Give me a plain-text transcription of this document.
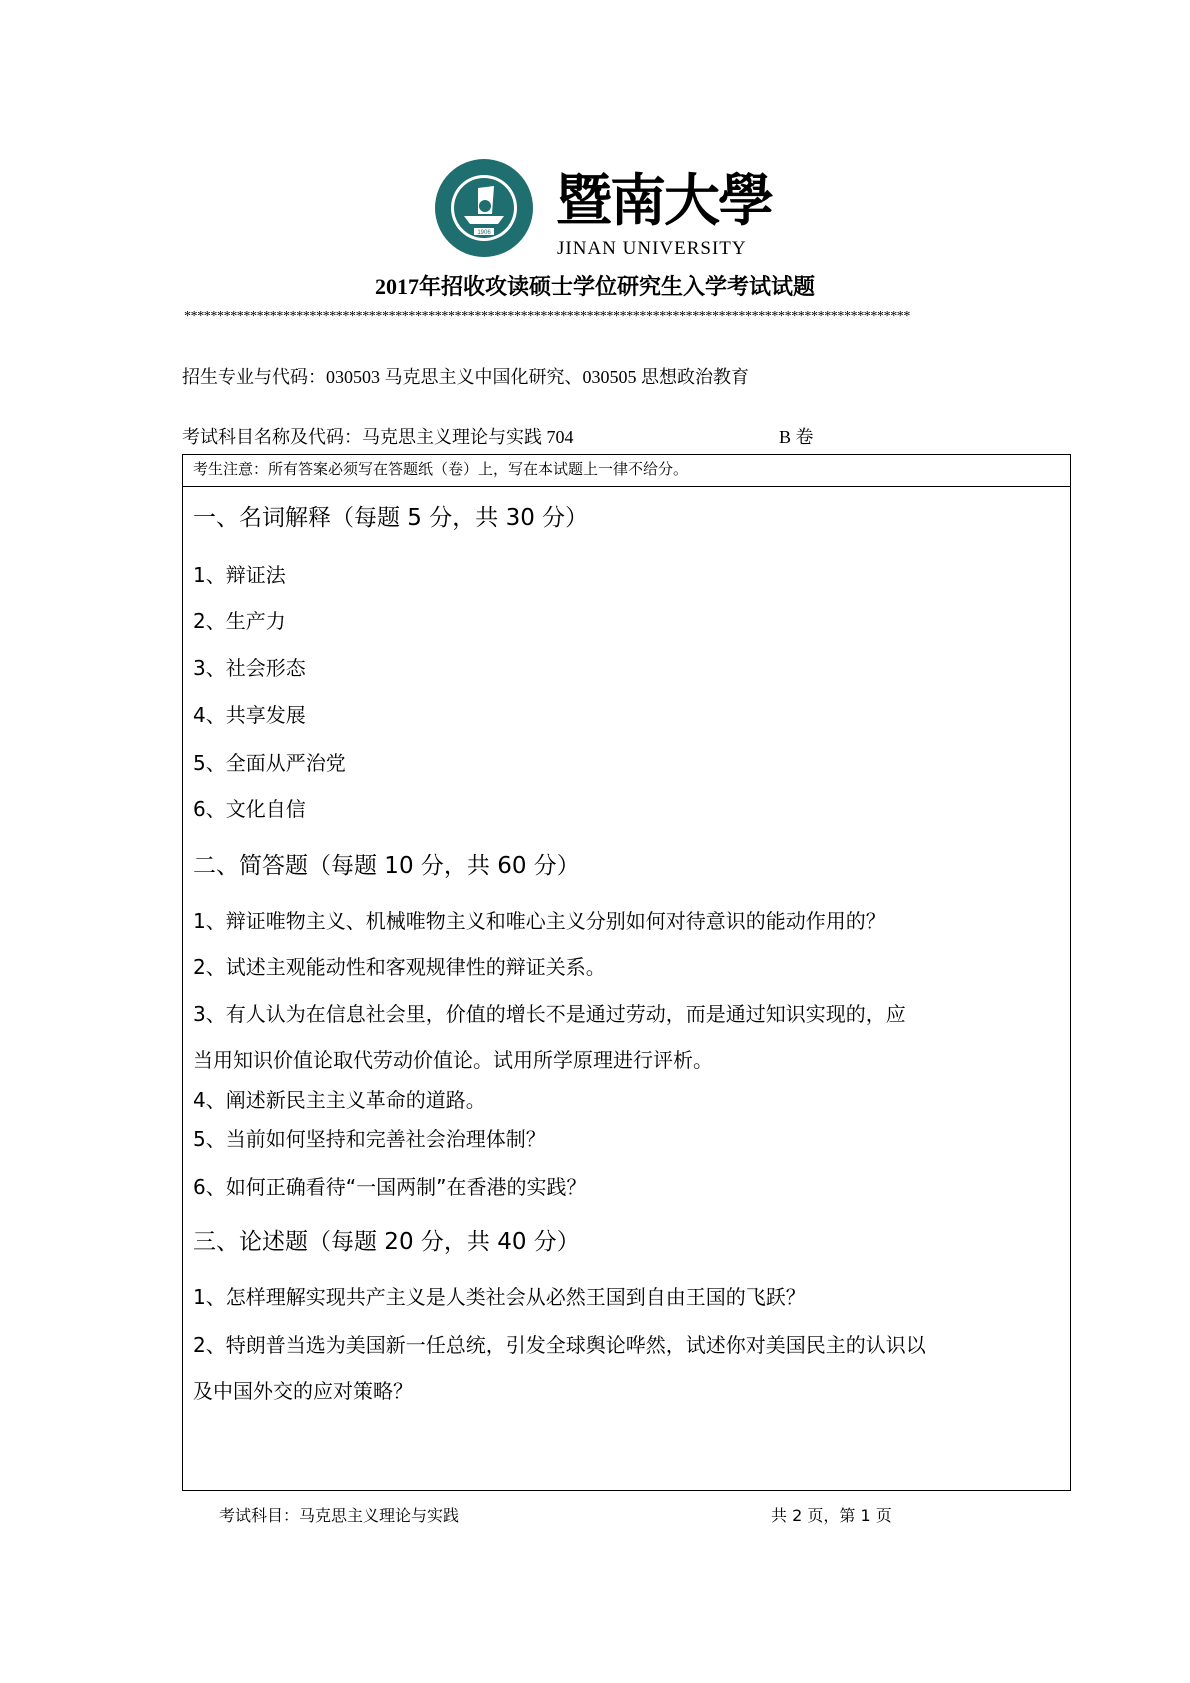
1906 暨南大學
JINAN UNIVERSITY
2017年招收攻读硕士学位研究生入学考试试题
**************************************************************************************************************
招生专业与代码：030503 马克思主义中国化研究、030505 思想政治教育
考试科目名称及代码：马克思主义理论与实践 704	B 卷
考生注意：所有答案必须写在答题纸（卷）上，写在本试题上一律不给分。
一、名词解释（每题 5 分，共 30 分）
1、辩证法
2、生产力
3、社会形态
4、共享发展
5、全面从严治党
6、文化自信
二、简答题（每题 10 分，共 60 分）
1、辩证唯物主义、机械唯物主义和唯心主义分别如何对待意识的能动作用的？
2、试述主观能动性和客观规律性的辩证关系。
3、有人认为在信息社会里，价值的增长不是通过劳动，而是通过知识实现的，应
当用知识价值论取代劳动价值论。试用所学原理进行评析。
4、阐述新民主主义革命的道路。
5、当前如何坚持和完善社会治理体制？
6、如何正确看待“一国两制”在香港的实践？
三、论述题（每题 20 分，共 40 分）
1、怎样理解实现共产主义是人类社会从必然王国到自由王国的飞跃？
2、特朗普当选为美国新一任总统，引发全球舆论哗然，试述你对美国民主的认识以
及中国外交的应对策略？
考试科目：马克思主义理论与实践	共 2 页，第 1 页
